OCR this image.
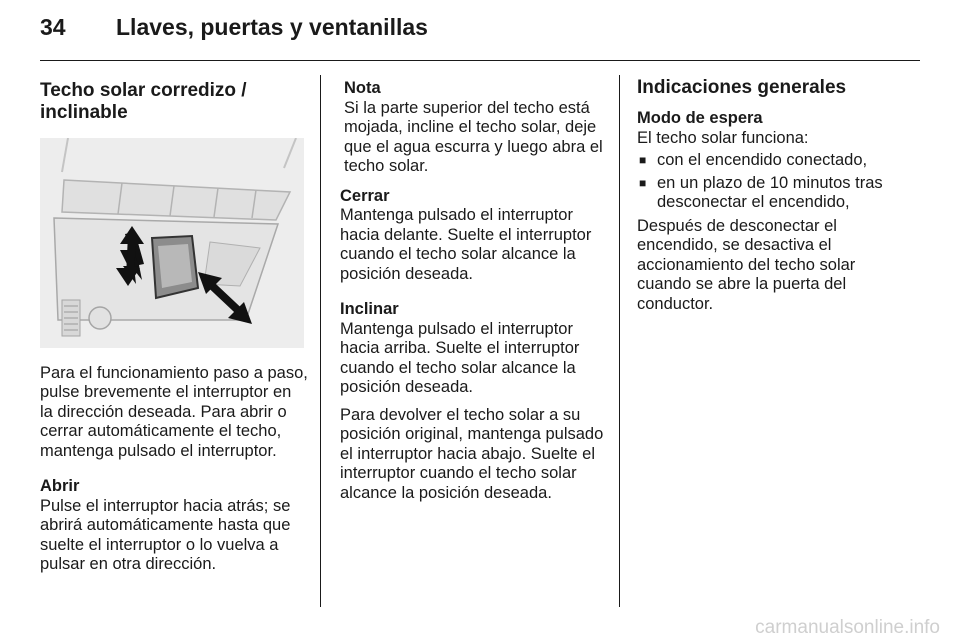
34 Llaves, puertas y ventanillas
Techo solar corredizo /
inclinable

Para el funcionamiento paso a paso, pulse brevemente el interruptor en la dirección deseada. Para abrir o cerrar automáticamente el techo, mantenga pulsado el interruptor.

Abrir

Pulse el interruptor hacia atrás; se abrirá automáticamente hasta que suelte el interruptor o lo vuelva a pulsar en otra dirección.

Nota

Si la parte superior del techo está mojada, incline el techo solar, deje que el agua escurra y luego abra el techo solar.

Cerrar

Mantenga pulsado el interruptor hacia delante. Suelte el interruptor cuando el techo solar alcance la posición deseada.

Inclinar

Mantenga pulsado el interruptor hacia arriba. Suelte el interruptor cuando el techo solar alcance la posición deseada.

Para devolver el techo solar a su posición original, mantenga pulsado el interruptor hacia abajo. Suelte el interruptor cuando el techo solar alcance la posición deseada.

Indicaciones generales

Modo de espera

El techo solar funciona:

■ con el encendido conectado,
■ en un plazo de 10 minutos tras desconectar el encendido,

Después de desconectar el encendido, se desactiva el accionamiento del techo solar cuando se abre la puerta del conductor.

carmanualsonline.info
